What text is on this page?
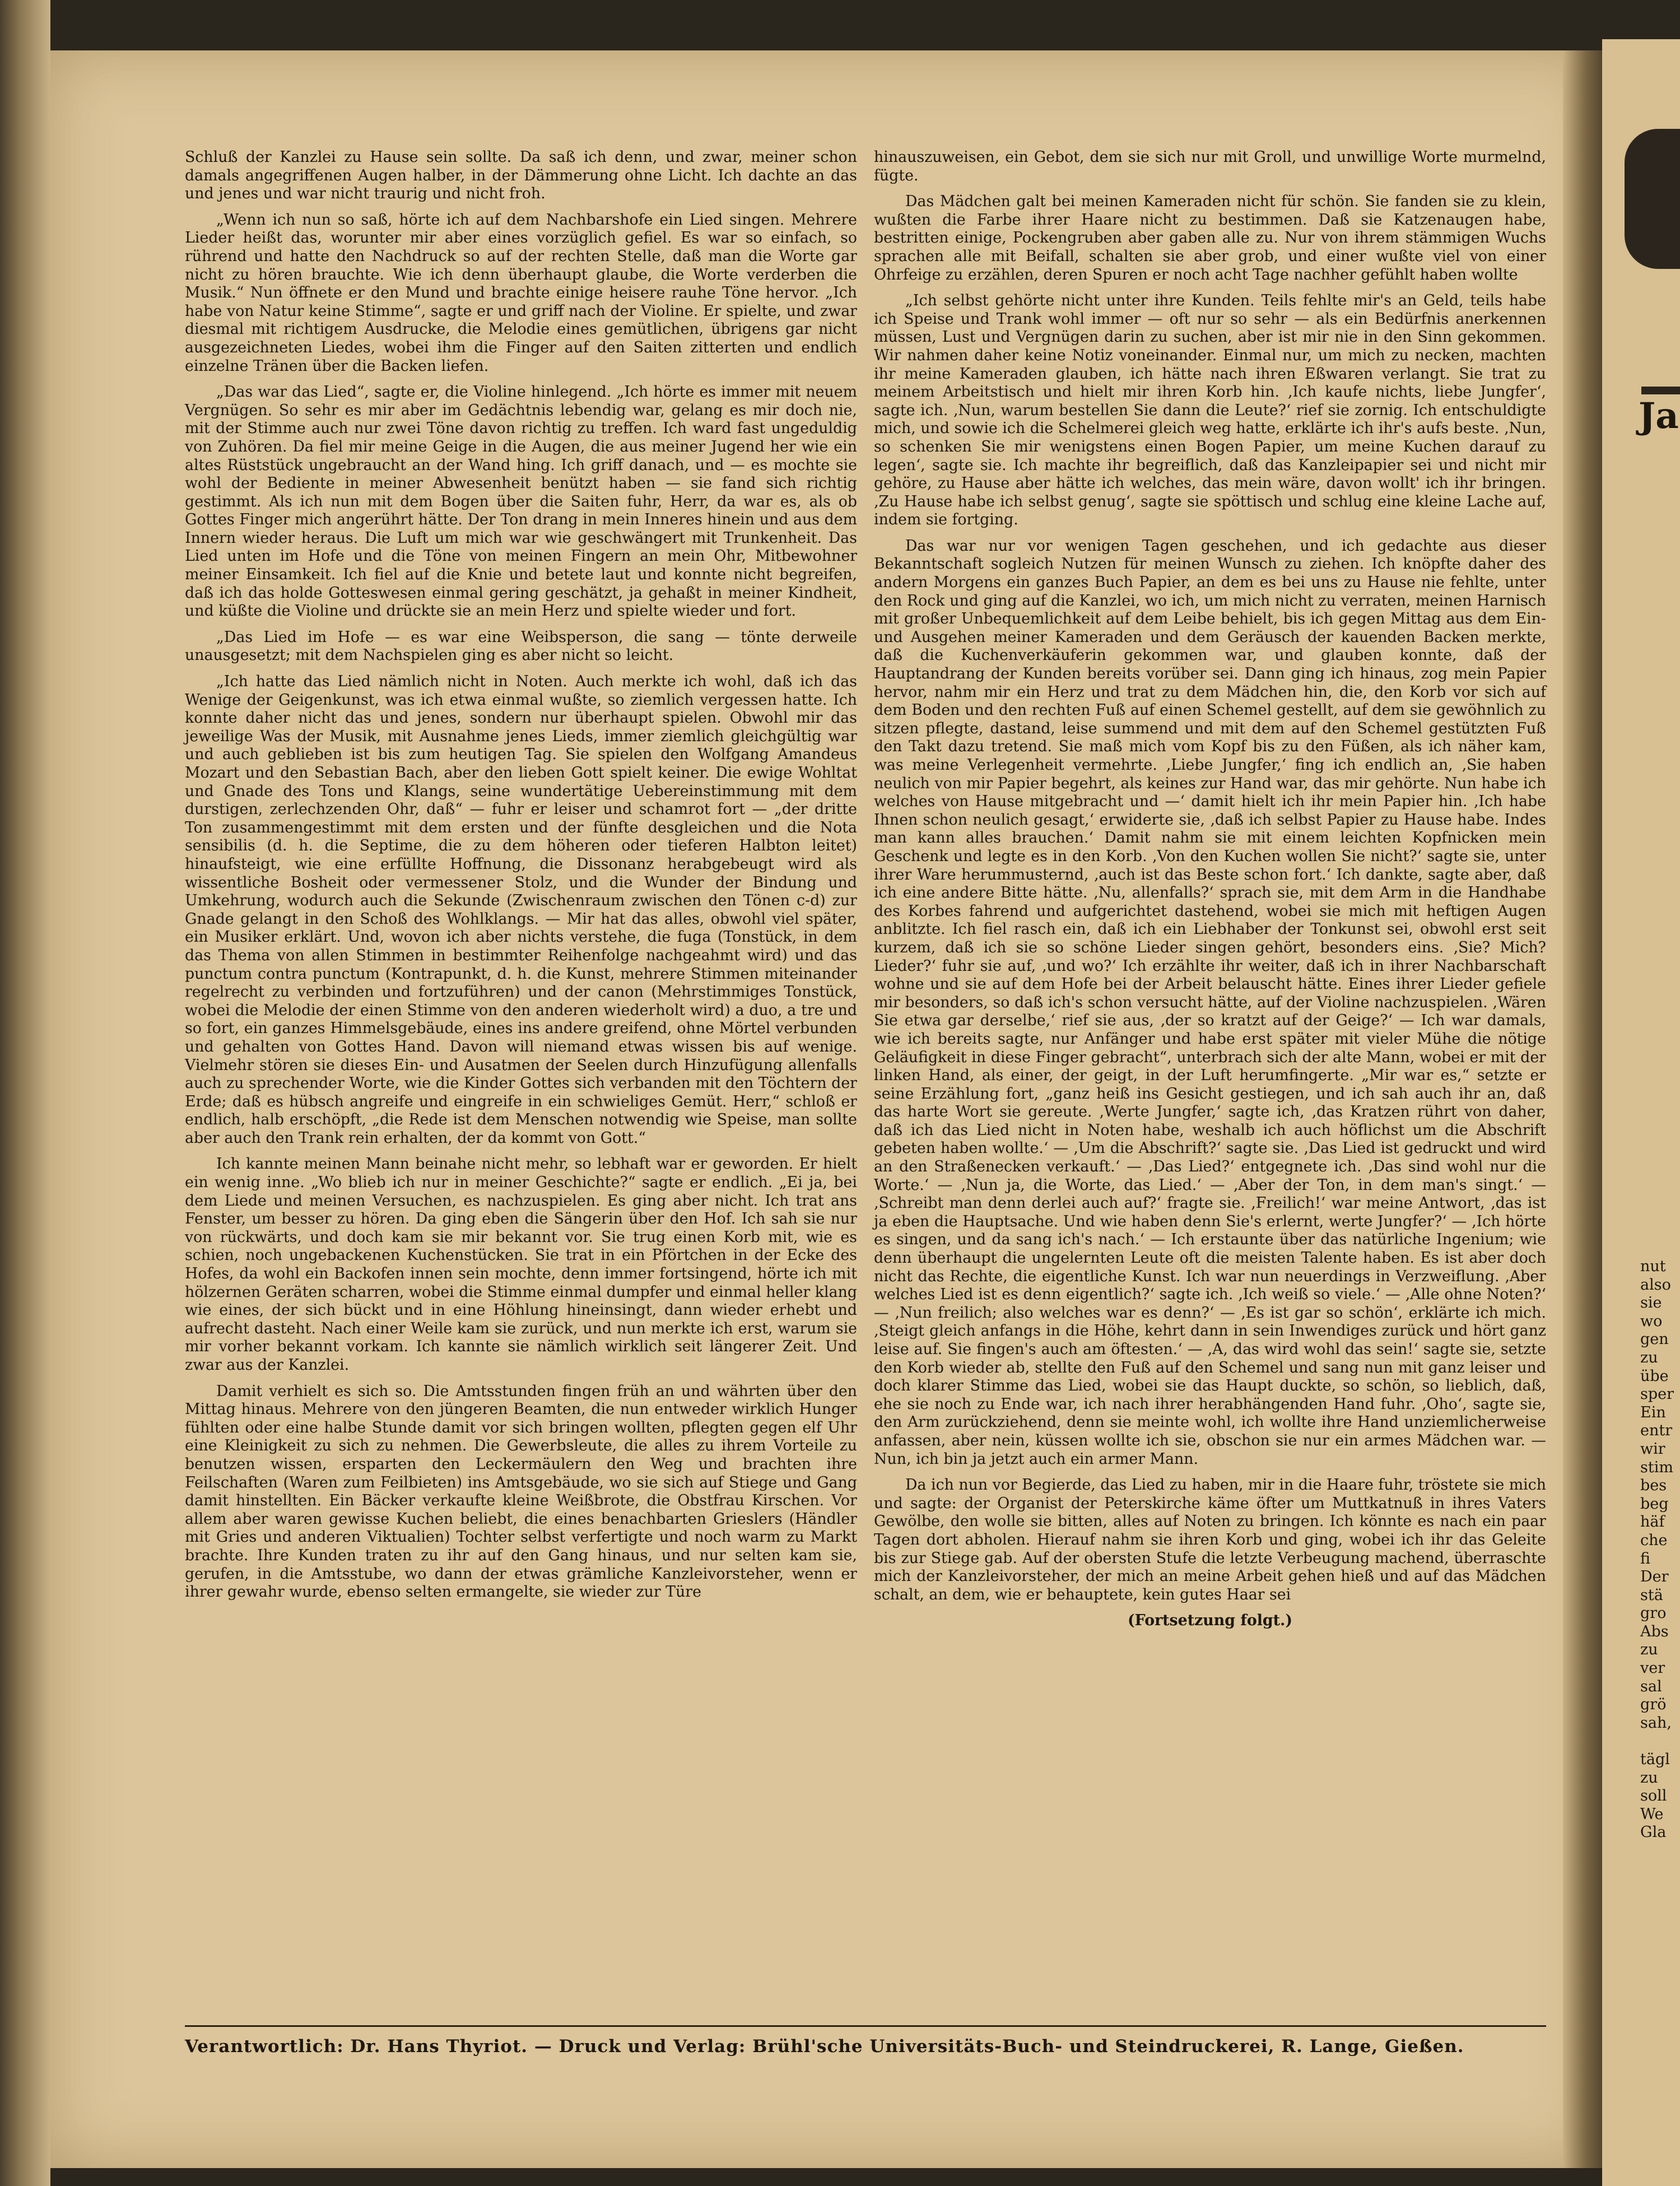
Ja
nut
also
sie
wo
gen
zu
übe
sper
Ein
entr
wir
stim
bes
beg
häf
che
fi
Der
stä
gro
Abs
zu
ver
sal
grö
sah,
tägl
zu
soll
We
Gla

Schluß der Kanzlei zu Hause sein sollte. Da saß ich denn, und zwar, meiner schon damals angegriffenen Augen halber, in der Dämmerung ohne Licht. Ich dachte an das und jenes und war nicht traurig und nicht froh.

„Wenn ich nun so saß, hörte ich auf dem Nachbarshofe ein Lied singen. Mehrere Lieder heißt das, worunter mir aber eines vorzüglich gefiel. Es war so einfach, so rührend und hatte den Nachdruck so auf der rechten Stelle, daß man die Worte gar nicht zu hören brauchte. Wie ich denn überhaupt glaube, die Worte verderben die Musik.“ Nun öffnete er den Mund und brachte einige heisere rauhe Töne hervor. „Ich habe von Natur keine Stimme“, sagte er und griff nach der Violine. Er spielte, und zwar diesmal mit richtigem Ausdrucke, die Melodie eines gemütlichen, übrigens gar nicht ausgezeichneten Liedes, wobei ihm die Finger auf den Saiten zitterten und endlich einzelne Tränen über die Backen liefen.

„Das war das Lied“, sagte er, die Violine hinlegend. „Ich hörte es immer mit neuem Vergnügen. So sehr es mir aber im Gedächtnis lebendig war, gelang es mir doch nie, mit der Stimme auch nur zwei Töne davon richtig zu treffen. Ich ward fast ungeduldig von Zuhören. Da fiel mir meine Geige in die Augen, die aus meiner Jugend her wie ein altes Rüststück ungebraucht an der Wand hing. Ich griff danach, und — es mochte sie wohl der Bediente in meiner Abwesenheit benützt haben — sie fand sich richtig gestimmt. Als ich nun mit dem Bogen über die Saiten fuhr, Herr, da war es, als ob Gottes Finger mich angerührt hätte. Der Ton drang in mein Inneres hinein und aus dem Innern wieder heraus. Die Luft um mich war wie geschwängert mit Trunkenheit. Das Lied unten im Hofe und die Töne von meinen Fingern an mein Ohr, Mitbewohner meiner Einsamkeit. Ich fiel auf die Knie und betete laut und konnte nicht begreifen, daß ich das holde Gotteswesen einmal gering geschätzt, ja gehaßt in meiner Kindheit, und küßte die Violine und drückte sie an mein Herz und spielte wieder und fort.

„Das Lied im Hofe — es war eine Weibsperson, die sang — tönte derweile unausgesetzt; mit dem Nachspielen ging es aber nicht so leicht.

„Ich hatte das Lied nämlich nicht in Noten. Auch merkte ich wohl, daß ich das Wenige der Geigenkunst, was ich etwa einmal wußte, so ziemlich vergessen hatte. Ich konnte daher nicht das und jenes, sondern nur überhaupt spielen. Obwohl mir das jeweilige Was der Musik, mit Ausnahme jenes Lieds, immer ziemlich gleichgültig war und auch geblieben ist bis zum heutigen Tag. Sie spielen den Wolfgang Amandeus Mozart und den Sebastian Bach, aber den lieben Gott spielt keiner. Die ewige Wohltat und Gnade des Tons und Klangs, seine wundertätige Uebereinstimmung mit dem durstigen, zerlechzenden Ohr, daß“ — fuhr er leiser und schamrot fort — „der dritte Ton zusammengestimmt mit dem ersten und der fünfte desgleichen und die Nota sensibilis (d. h. die Septime, die zu dem höheren oder tieferen Halbton leitet) hinaufsteigt, wie eine erfüllte Hoffnung, die Dissonanz herabgebeugt wird als wissentliche Bosheit oder vermessener Stolz, und die Wunder der Bindung und Umkehrung, wodurch auch die Sekunde (Zwischenraum zwischen den Tönen c-d) zur Gnade gelangt in den Schoß des Wohlklangs. — Mir hat das alles, obwohl viel später, ein Musiker erklärt. Und, wovon ich aber nichts verstehe, die fuga (Tonstück, in dem das Thema von allen Stimmen in bestimmter Reihenfolge nachgeahmt wird) und das punctum contra punctum (Kontrapunkt, d. h. die Kunst, mehrere Stimmen miteinander regelrecht zu verbinden und fortzuführen) und der canon (Mehrstimmiges Tonstück, wobei die Melodie der einen Stimme von den anderen wiederholt wird) a duo, a tre und so fort, ein ganzes Himmelsgebäude, eines ins andere greifend, ohne Mörtel verbunden und gehalten von Gottes Hand. Davon will niemand etwas wissen bis auf wenige. Vielmehr stören sie dieses Ein- und Ausatmen der Seelen durch Hinzufügung allenfalls auch zu sprechender Worte, wie die Kinder Gottes sich verbanden mit den Töchtern der Erde; daß es hübsch angreife und eingreife in ein schwieliges Gemüt. Herr,“ schloß er endlich, halb erschöpft, „die Rede ist dem Menschen notwendig wie Speise, man sollte aber auch den Trank rein erhalten, der da kommt von Gott.“

Ich kannte meinen Mann beinahe nicht mehr, so lebhaft war er geworden. Er hielt ein wenig inne. „Wo blieb ich nur in meiner Geschichte?“ sagte er endlich. „Ei ja, bei dem Liede und meinen Versuchen, es nachzuspielen. Es ging aber nicht. Ich trat ans Fenster, um besser zu hören. Da ging eben die Sängerin über den Hof. Ich sah sie nur von rückwärts, und doch kam sie mir bekannt vor. Sie trug einen Korb mit, wie es schien, noch ungebackenen Kuchenstücken. Sie trat in ein Pförtchen in der Ecke des Hofes, da wohl ein Backofen innen sein mochte, denn immer fortsingend, hörte ich mit hölzernen Geräten scharren, wobei die Stimme einmal dumpfer und einmal heller klang wie eines, der sich bückt und in eine Höhlung hineinsingt, dann wieder erhebt und aufrecht dasteht. Nach einer Weile kam sie zurück, und nun merkte ich erst, warum sie mir vorher bekannt vorkam. Ich kannte sie nämlich wirklich seit längerer Zeit. Und zwar aus der Kanzlei.

Damit verhielt es sich so. Die Amtsstunden fingen früh an und währten über den Mittag hinaus. Mehrere von den jüngeren Beamten, die nun entweder wirklich Hunger fühlten oder eine halbe Stunde damit vor sich bringen wollten, pflegten gegen elf Uhr eine Kleinigkeit zu sich zu nehmen. Die Gewerbsleute, die alles zu ihrem Vorteile zu benutzen wissen, ersparten den Leckermäulern den Weg und brachten ihre Feilschaften (Waren zum Feilbieten) ins Amtsgebäude, wo sie sich auf Stiege und Gang damit hinstellten. Ein Bäcker verkaufte kleine Weißbrote, die Obstfrau Kirschen. Vor allem aber waren gewisse Kuchen beliebt, die eines benachbarten Grieslers (Händler mit Gries und anderen Viktualien) Tochter selbst verfertigte und noch warm zu Markt brachte. Ihre Kunden traten zu ihr auf den Gang hinaus, und nur selten kam sie, gerufen, in die Amtsstube, wo dann der etwas grämliche Kanzleivorsteher, wenn er ihrer gewahr wurde, ebenso selten ermangelte, sie wieder zur Türe

hinauszuweisen, ein Gebot, dem sie sich nur mit Groll, und unwillige Worte murmelnd, fügte.

Das Mädchen galt bei meinen Kameraden nicht für schön. Sie fanden sie zu klein, wußten die Farbe ihrer Haare nicht zu bestimmen. Daß sie Katzenaugen habe, bestritten einige, Pockengruben aber gaben alle zu. Nur von ihrem stämmigen Wuchs sprachen alle mit Beifall, schalten sie aber grob, und einer wußte viel von einer Ohrfeige zu erzählen, deren Spuren er noch acht Tage nachher gefühlt haben wollte

„Ich selbst gehörte nicht unter ihre Kunden. Teils fehlte mir's an Geld, teils habe ich Speise und Trank wohl immer — oft nur so sehr — als ein Bedürfnis anerkennen müssen, Lust und Vergnügen darin zu suchen, aber ist mir nie in den Sinn gekommen. Wir nahmen daher keine Notiz voneinander. Einmal nur, um mich zu necken, machten ihr meine Kameraden glauben, ich hätte nach ihren Eßwaren verlangt. Sie trat zu meinem Arbeitstisch und hielt mir ihren Korb hin. ‚Ich kaufe nichts, liebe Jungfer‘, sagte ich. ‚Nun, warum bestellen Sie dann die Leute?‘ rief sie zornig. Ich entschuldigte mich, und sowie ich die Schelmerei gleich weg hatte, erklärte ich ihr's aufs beste. ‚Nun, so schenken Sie mir wenigstens einen Bogen Papier, um meine Kuchen darauf zu legen‘, sagte sie. Ich machte ihr begreiflich, daß das Kanzleipapier sei und nicht mir gehöre, zu Hause aber hätte ich welches, das mein wäre, davon wollt' ich ihr bringen. ‚Zu Hause habe ich selbst genug‘, sagte sie spöttisch und schlug eine kleine Lache auf, indem sie fortging.

Das war nur vor wenigen Tagen geschehen, und ich gedachte aus dieser Bekanntschaft sogleich Nutzen für meinen Wunsch zu ziehen. Ich knöpfte daher des andern Morgens ein ganzes Buch Papier, an dem es bei uns zu Hause nie fehlte, unter den Rock und ging auf die Kanzlei, wo ich, um mich nicht zu verraten, meinen Harnisch mit großer Unbequemlichkeit auf dem Leibe behielt, bis ich gegen Mittag aus dem Ein- und Ausgehen meiner Kameraden und dem Geräusch der kauenden Backen merkte, daß die Kuchenverkäuferin gekommen war, und glauben konnte, daß der Hauptandrang der Kunden bereits vorüber sei. Dann ging ich hinaus, zog mein Papier hervor, nahm mir ein Herz und trat zu dem Mädchen hin, die, den Korb vor sich auf dem Boden und den rechten Fuß auf einen Schemel gestellt, auf dem sie gewöhnlich zu sitzen pflegte, dastand, leise summend und mit dem auf den Schemel gestützten Fuß den Takt dazu tretend. Sie maß mich vom Kopf bis zu den Füßen, als ich näher kam, was meine Verlegenheit vermehrte. ‚Liebe Jungfer,‘ fing ich endlich an, ‚Sie haben neulich von mir Papier begehrt, als keines zur Hand war, das mir gehörte. Nun habe ich welches von Hause mitgebracht und —‘ damit hielt ich ihr mein Papier hin. ‚Ich habe Ihnen schon neulich gesagt,‘ erwiderte sie, ‚daß ich selbst Papier zu Hause habe. Indes man kann alles brauchen.‘ Damit nahm sie mit einem leichten Kopfnicken mein Geschenk und legte es in den Korb. ‚Von den Kuchen wollen Sie nicht?‘ sagte sie, unter ihrer Ware herummusternd, ‚auch ist das Beste schon fort.‘ Ich dankte, sagte aber, daß ich eine andere Bitte hätte. ‚Nu, allenfalls?‘ sprach sie, mit dem Arm in die Handhabe des Korbes fahrend und aufgerichtet dastehend, wobei sie mich mit heftigen Augen anblitzte. Ich fiel rasch ein, daß ich ein Liebhaber der Tonkunst sei, obwohl erst seit kurzem, daß ich sie so schöne Lieder singen gehört, besonders eins. ‚Sie? Mich? Lieder?‘ fuhr sie auf, ‚und wo?‘ Ich erzählte ihr weiter, daß ich in ihrer Nachbarschaft wohne und sie auf dem Hofe bei der Arbeit belauscht hätte. Eines ihrer Lieder gefiele mir besonders, so daß ich's schon versucht hätte, auf der Violine nachzuspielen. ‚Wären Sie etwa gar derselbe,‘ rief sie aus, ‚der so kratzt auf der Geige?‘ — Ich war damals, wie ich bereits sagte, nur Anfänger und habe erst später mit vieler Mühe die nötige Geläufigkeit in diese Finger gebracht“, unterbrach sich der alte Mann, wobei er mit der linken Hand, als einer, der geigt, in der Luft herumfingerte. „Mir war es,“ setzte er seine Erzählung fort, „ganz heiß ins Gesicht gestiegen, und ich sah auch ihr an, daß das harte Wort sie gereute. ‚Werte Jungfer,‘ sagte ich, ‚das Kratzen rührt von daher, daß ich das Lied nicht in Noten habe, weshalb ich auch höflichst um die Abschrift gebeten haben wollte.‘ — ‚Um die Abschrift?‘ sagte sie. ‚Das Lied ist gedruckt und wird an den Straßenecken verkauft.‘ — ‚Das Lied?‘ entgegnete ich. ‚Das sind wohl nur die Worte.‘ — ‚Nun ja, die Worte, das Lied.‘ — ‚Aber der Ton, in dem man's singt.‘ — ‚Schreibt man denn derlei auch auf?‘ fragte sie. ‚Freilich!‘ war meine Antwort, ‚das ist ja eben die Hauptsache. Und wie haben denn Sie's erlernt, werte Jungfer?‘ — ‚Ich hörte es singen, und da sang ich's nach.‘ — Ich erstaunte über das natürliche Ingenium; wie denn überhaupt die ungelernten Leute oft die meisten Talente haben. Es ist aber doch nicht das Rechte, die eigentliche Kunst. Ich war nun neuerdings in Verzweiflung. ‚Aber welches Lied ist es denn eigentlich?‘ sagte ich. ‚Ich weiß so viele.‘ — ‚Alle ohne Noten?‘ — ‚Nun freilich; also welches war es denn?‘ — ‚Es ist gar so schön‘, erklärte ich mich. ‚Steigt gleich anfangs in die Höhe, kehrt dann in sein Inwendiges zurück und hört ganz leise auf. Sie fingen's auch am öftesten.‘ — ‚A, das wird wohl das sein!‘ sagte sie, setzte den Korb wieder ab, stellte den Fuß auf den Schemel und sang nun mit ganz leiser und doch klarer Stimme das Lied, wobei sie das Haupt duckte, so schön, so lieblich, daß, ehe sie noch zu Ende war, ich nach ihrer herabhängenden Hand fuhr. ‚Oho‘, sagte sie, den Arm zurückziehend, denn sie meinte wohl, ich wollte ihre Hand unziemlicherweise anfassen, aber nein, küssen wollte ich sie, obschon sie nur ein armes Mädchen war. — Nun, ich bin ja jetzt auch ein armer Mann.

Da ich nun vor Begierde, das Lied zu haben, mir in die Haare fuhr, tröstete sie mich und sagte: der Organist der Peterskirche käme öfter um Muttkatnuß in ihres Vaters Gewölbe, den wolle sie bitten, alles auf Noten zu bringen. Ich könnte es nach ein paar Tagen dort abholen. Hierauf nahm sie ihren Korb und ging, wobei ich ihr das Geleite bis zur Stiege gab. Auf der obersten Stufe die letzte Verbeugung machend, überraschte mich der Kanzleivorsteher, der mich an meine Arbeit gehen hieß und auf das Mädchen schalt, an dem, wie er behauptete, kein gutes Haar sei

(Fortsetzung folgt.)
Verantwortlich: Dr. Hans Thyriot. — Druck und Verlag: Brühl'sche Universitäts-Buch- und Steindruckerei, R. Lange, Gießen.
